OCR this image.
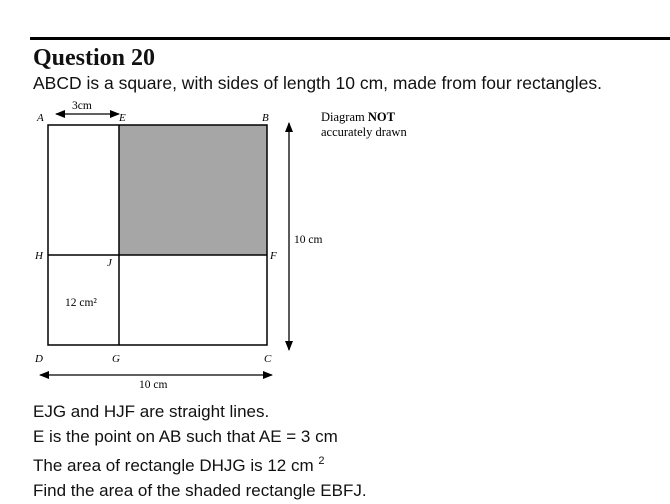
Question 20

ABCD is a square, with sides of length 10 cm, made from four rectangles.

A	E	B
H	F
J
D	G	C
3cm
10 cm
10 cm
12 cm²
Diagram NOT
accurately drawn

EJG and HJF are straight lines.

E is the point on AB such that AE = 3 cm

The area of rectangle DHJG is 12 cm $^2$

Find the area of the shaded rectangle EBFJ.
